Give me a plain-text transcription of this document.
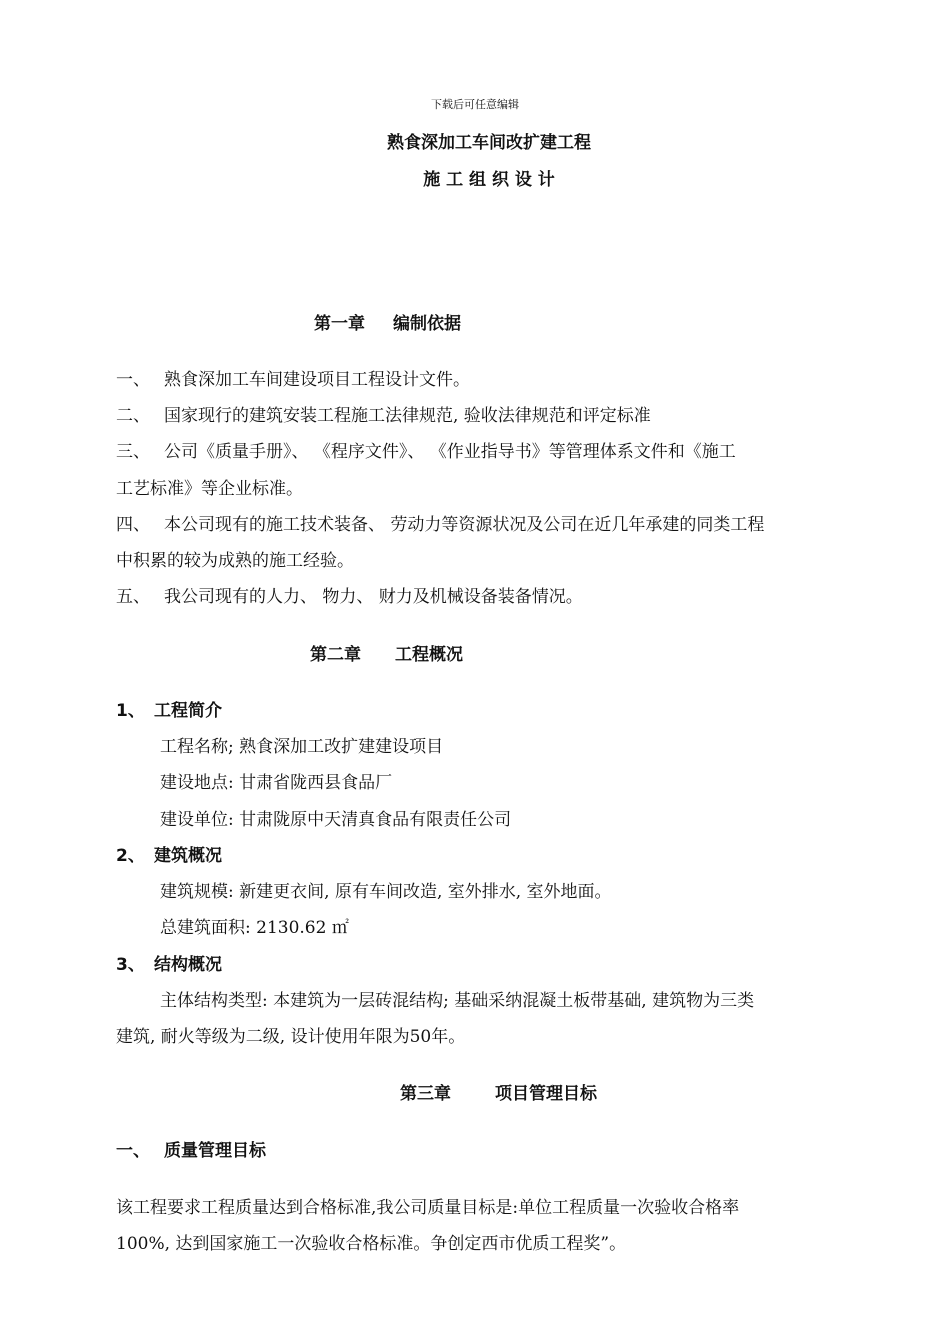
下载后可任意编辑
熟食深加工车间改扩建工程
施 工 组 织 设 计
第一章 编制依据
一、 熟食深加工车间建设项目工程设计文件。
二、 国家现行的建筑安装工程施工法律规范, 验收法律规范和评定标准
三、 公司《质量手册》、 《程序文件》、 《作业指导书》等管理体系文件和《施工
工艺标准》等企业标准。
四、 本公司现有的施工技术装备、 劳动力等资源状况及公司在近几年承建的同类工程
中积累的较为成熟的施工经验。
五、 我公司现有的人力、 物力、 财力及机械设备装备情况。
第二章 工程概况
1、 工程简介
工程名称; 熟食深加工改扩建建设项目
建设地点: 甘肃省陇西县食品厂
建设单位: 甘肃陇原中天清真食品有限责任公司
2、 建筑概况
建筑规模: 新建更衣间, 原有车间改造, 室外排水, 室外地面。
总建筑面积: 2130.62 ㎡
3、 结构概况
主体结构类型: 本建筑为一层砖混结构; 基础采纳混凝土板带基础, 建筑物为三类
建筑, 耐火等级为二级, 设计使用年限为50年。
第三章	项目管理目标
一、 质量管理目标
该工程要求工程质量达到合格标准,我公司质量目标是:单位工程质量一次验收合格率
100%, 达到国家施工一次验收合格标准。争创定西市优质工程奖”。
